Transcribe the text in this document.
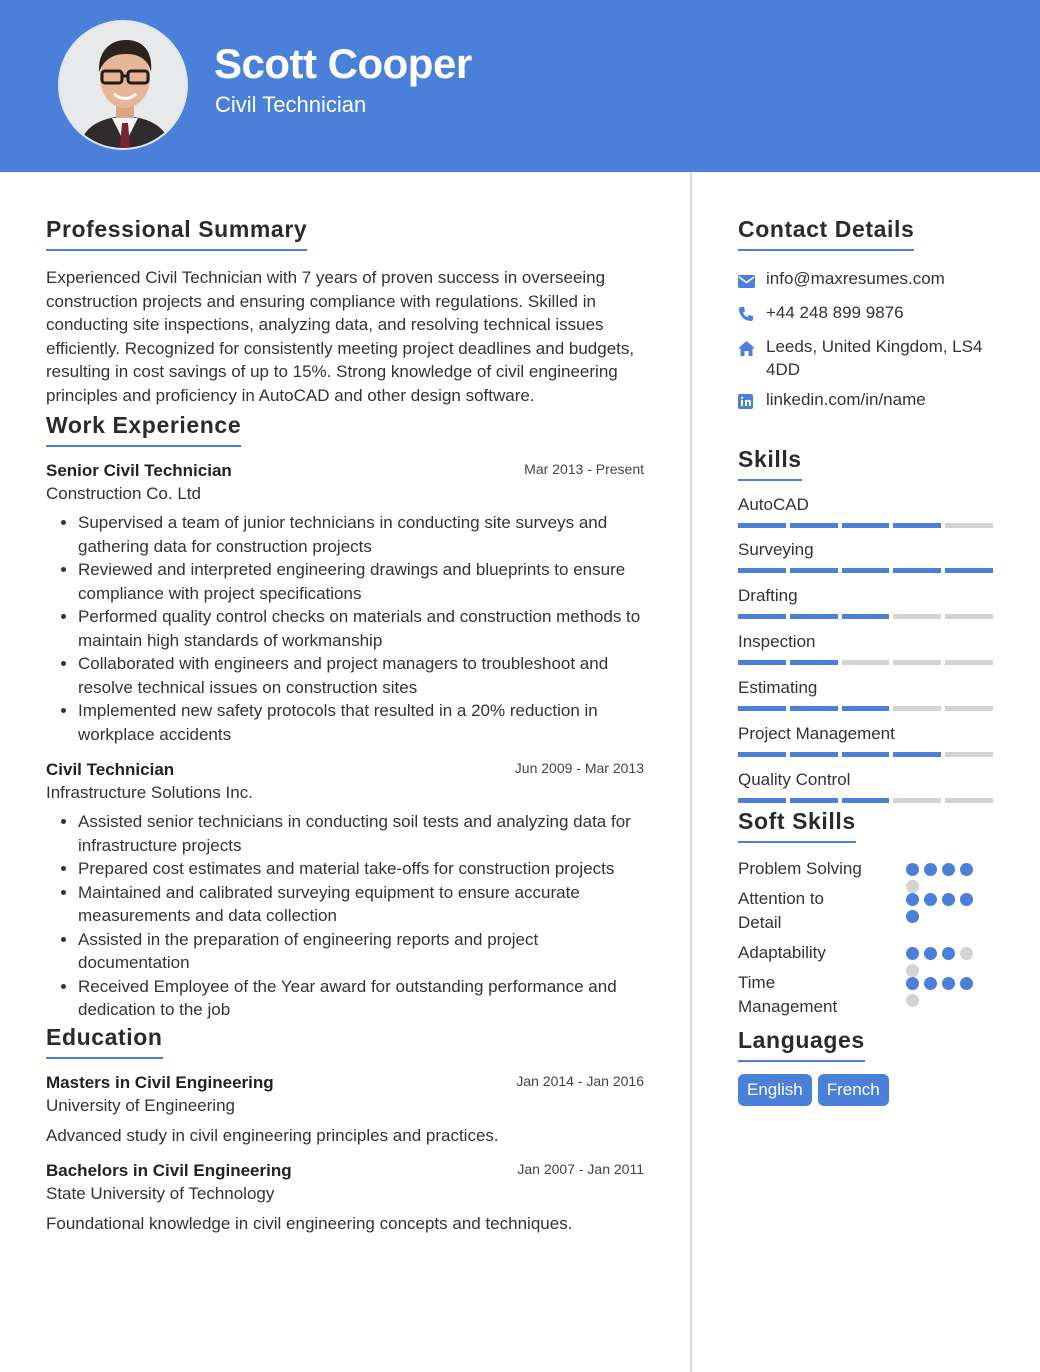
Scott Cooper
Civil Technician
Professional Summary
Experienced Civil Technician with 7 years of proven success in overseeing construction projects and ensuring compliance with regulations. Skilled in conducting site inspections, analyzing data, and resolving technical issues efficiently. Recognized for consistently meeting project deadlines and budgets, resulting in cost savings of up to 15%. Strong knowledge of civil engineering principles and proficiency in AutoCAD and other design software.
Work Experience
Senior Civil Technician	Mar 2013 - Present
Construction Co. Ltd
• Supervised a team of junior technicians in conducting site surveys and gathering data for construction projects
• Reviewed and interpreted engineering drawings and blueprints to ensure compliance with project specifications
• Performed quality control checks on materials and construction methods to maintain high standards of workmanship
• Collaborated with engineers and project managers to troubleshoot and resolve technical issues on construction sites
• Implemented new safety protocols that resulted in a 20% reduction in workplace accidents
Civil Technician	Jun 2009 - Mar 2013
Infrastructure Solutions Inc.
• Assisted senior technicians in conducting soil tests and analyzing data for infrastructure projects
• Prepared cost estimates and material take-offs for construction projects
• Maintained and calibrated surveying equipment to ensure accurate measurements and data collection
• Assisted in the preparation of engineering reports and project documentation
• Received Employee of the Year award for outstanding performance and dedication to the job
Education
Masters in Civil Engineering	Jan 2014 - Jan 2016
University of Engineering
Advanced study in civil engineering principles and practices.
Bachelors in Civil Engineering	Jan 2007 - Jan 2011
State University of Technology
Foundational knowledge in civil engineering concepts and techniques.
Contact Details
info@maxresumes.com
+44 248 899 9876
Leeds, United Kingdom, LS4 4DD
linkedin.com/in/name
Skills
AutoCAD
Surveying
Drafting
Inspection
Estimating
Project Management
Quality Control
Soft Skills
Problem Solving
Attention to Detail
Adaptability
Time Management
Languages
English	French
